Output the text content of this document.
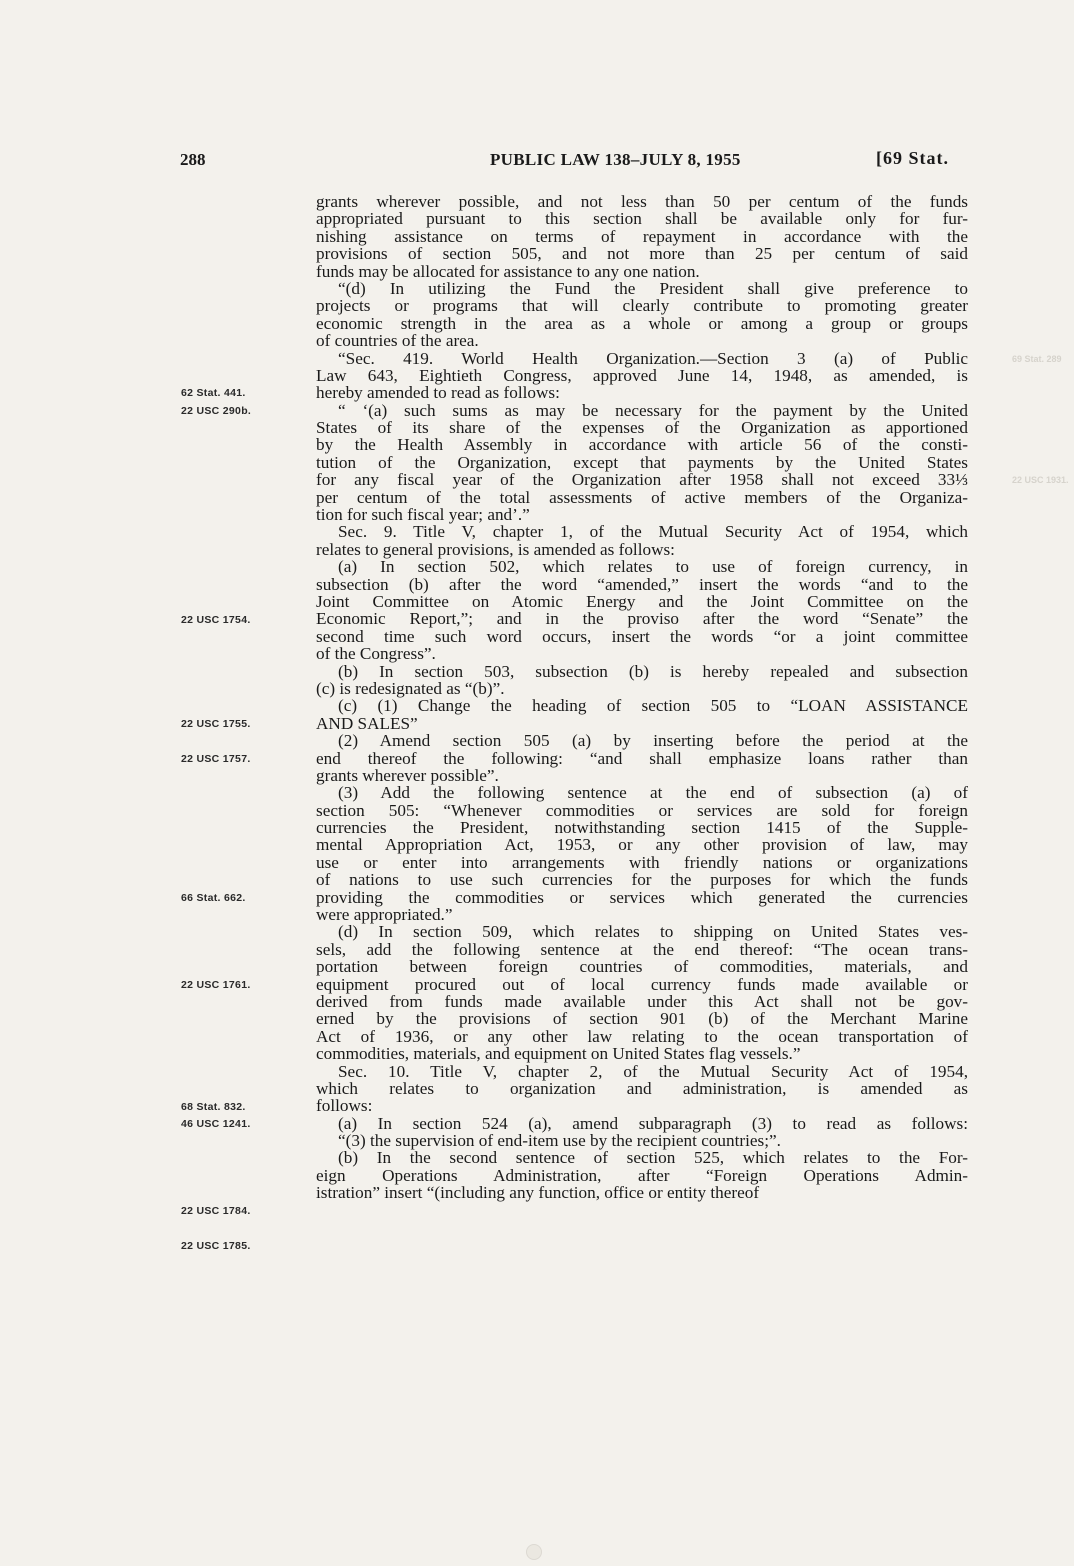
288	PUBLIC LAW 138–JULY 8, 1955	[69 Stat.
grants wherever possible, and not less than 50 per centum of the funds
appropriated pursuant to this section shall be available only for fur-
nishing assistance on terms of repayment in accordance with the
provisions of section 505, and not more than 25 per centum of said
funds may be allocated for assistance to any one nation.
“(d) In utilizing the Fund the President shall give preference to
projects or programs that will clearly contribute to promoting greater
economic strength in the area as a whole or among a group or groups
of countries of the area.
“Sec. 419. World Health Organization.—Section 3 (a) of Public
Law 643, Eightieth Congress, approved June 14, 1948, as amended, is
hereby amended to read as follows:
“ ‘(a) such sums as may be necessary for the payment by the United
States of its share of the expenses of the Organization as apportioned
by the Health Assembly in accordance with article 56 of the consti-
tution of the Organization, except that payments by the United States
for any fiscal year of the Organization after 1958 shall not exceed 33⅓
per centum of the total assessments of active members of the Organiza-
tion for such fiscal year; and’.”
Sec. 9. Title V, chapter 1, of the Mutual Security Act of 1954, which
relates to general provisions, is amended as follows:
(a) In section 502, which relates to use of foreign currency, in
subsection (b) after the word “amended,” insert the words “and to the
Joint Committee on Atomic Energy and the Joint Committee on the
Economic Report,”; and in the proviso after the word “Senate” the
second time such word occurs, insert the words “or a joint committee
of the Congress”.
(b) In section 503, subsection (b) is hereby repealed and subsection
(c) is redesignated as “(b)”.
(c) (1) Change the heading of section 505 to “LOAN ASSISTANCE
AND SALES”
(2) Amend section 505 (a) by inserting before the period at the
end thereof the following: “and shall emphasize loans rather than
grants wherever possible”.
(3) Add the following sentence at the end of subsection (a) of
section 505: “Whenever commodities or services are sold for foreign
currencies the President, notwithstanding section 1415 of the Supple-
mental Appropriation Act, 1953, or any other provision of law, may
use or enter into arrangements with friendly nations or organizations
of nations to use such currencies for the purposes for which the funds
providing the commodities or services which generated the currencies
were appropriated.”
(d) In section 509, which relates to shipping on United States ves-
sels, add the following sentence at the end thereof: “The ocean trans-
portation between foreign countries of commodities, materials, and
equipment procured out of local currency funds made available or
derived from funds made available under this Act shall not be gov-
erned by the provisions of section 901 (b) of the Merchant Marine
Act of 1936, or any other law relating to the ocean transportation of
commodities, materials, and equipment on United States flag vessels.”
Sec. 10. Title V, chapter 2, of the Mutual Security Act of 1954,
which relates to organization and administration, is amended as
follows:
(a) In section 524 (a), amend subparagraph (3) to read as follows:
“(3) the supervision of end-item use by the recipient countries;”.
(b) In the second sentence of section 525, which relates to the For-
eign Operations Administration, after “Foreign Operations Admin-
istration” insert “(including any function, office or entity thereof
62 Stat. 441.
22 USC 290b.
22 USC 1754.
22 USC 1755.
22 USC 1757.
66 Stat. 662.
22 USC 1761.
68 Stat. 832.
46 USC 1241.
22 USC 1784.
22 USC 1785.
69 Stat. 289
22 USC 1931.
